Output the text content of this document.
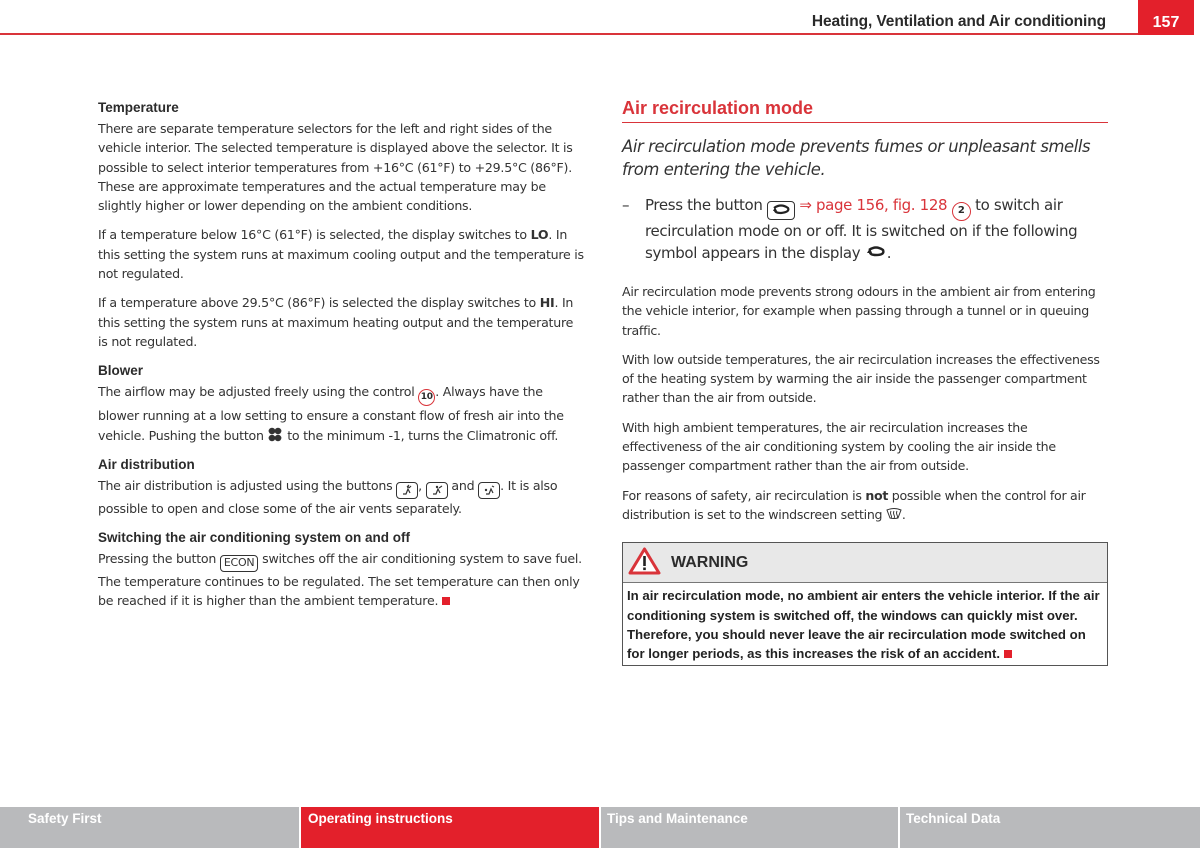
Heating, Ventilation and Air conditioning	157
Temperature

There are separate temperature selectors for the left and right sides of the vehicle interior. The selected temperature is displayed above the selector. It is possible to select interior temperatures from +16°C (61°F) to +29.5°C (86°F). These are approximate temperatures and the actual temperature may be slightly higher or lower depending on the ambient conditions.

If a temperature below 16°C (61°F) is selected, the display switches to LO. In this setting the system runs at maximum cooling output and the temperature is not regulated.

If a temperature above 29.5°C (86°F) is selected the display switches to HI. In this setting the system runs at maximum heating output and the temperature is not regulated.

Blower

The airflow may be adjusted freely using the control 10 . Always have the blower running at a low setting to ensure a constant flow of fresh air into the vehicle. Pushing the button  to the minimum -1, turns the Climatronic off.

Air distribution

The air distribution is adjusted using the buttons ,  and . It is also possible to open and close some of the air vents separately.

Switching the air conditioning system on and off

Pressing the button ECON switches off the air conditioning system to save fuel. The temperature continues to be regulated. The set temperature can then only be reached if it is higher than the ambient temperature.

Air recirculation mode

Air recirculation mode prevents fumes or unpleasant smells from entering the vehicle.

– Press the button  ⇒ page 156, fig. 128 2 to switch air recirculation mode on or off. It is switched on if the following symbol appears in the display .

Air recirculation mode prevents strong odours in the ambient air from entering the vehicle interior, for example when passing through a tunnel or in queuing traffic.

With low outside temperatures, the air recirculation increases the effectiveness of the heating system by warming the air inside the passenger compartment rather than the air from outside.

With high ambient temperatures, the air recirculation increases the effectiveness of the air conditioning system by cooling the air inside the passenger compartment rather than the air from outside.

For reasons of safety, air recirculation is not possible when the control for air distribution is set to the windscreen setting .

WARNING
In air recirculation mode, no ambient air enters the vehicle interior. If the air conditioning system is switched off, the windows can quickly mist over. Therefore, you should never leave the air recirculation mode switched on for longer periods, as this increases the risk of an accident.
Safety First	Operating instructions	Tips and Maintenance	Technical Data
